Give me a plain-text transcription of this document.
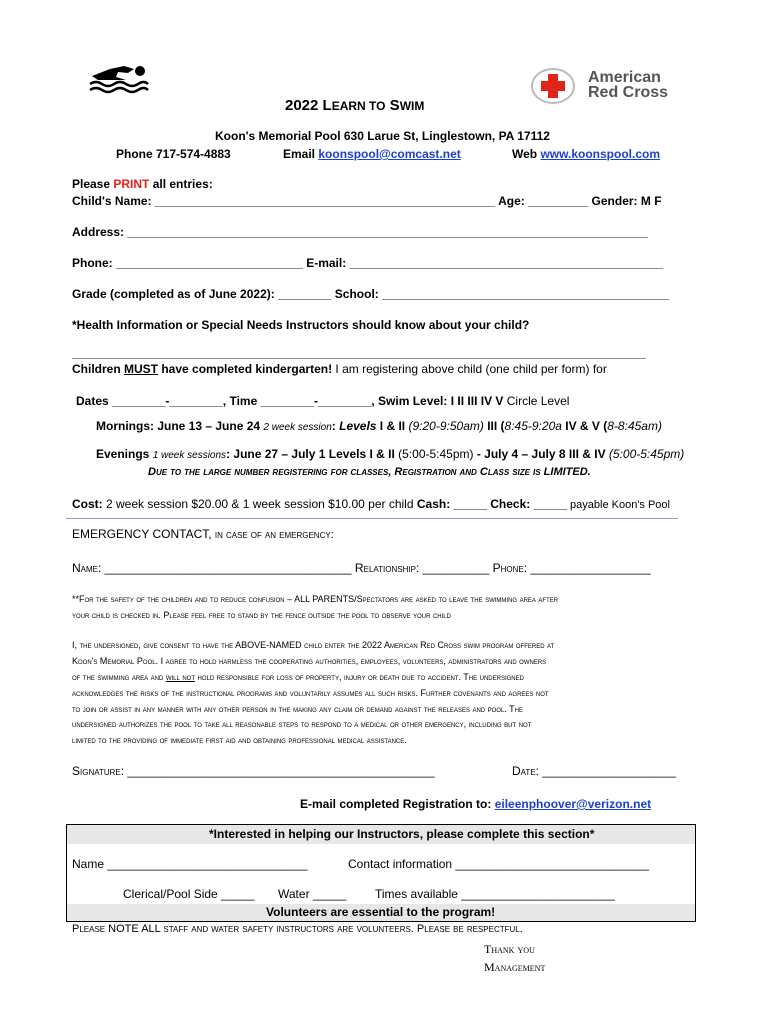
American
Red Cross
2022 LEARN TO SWIM
Koon's Memorial Pool 630 Larue St, Linglestown, PA 17112
Phone 717-574-4883	Email koonspool@comcast.net	Web www.koonspool.com
Please PRINT all entries:
Child's Name: ___________________________________________________ Age: _________ Gender: M F
Address: ______________________________________________________________________________
Phone: ____________________________ E-mail: _______________________________________________
Grade (completed as of June 2022): ________ School: ___________________________________________
*Health Information or Special Needs Instructors should know about your child?
______________________________________________________________________________________
Children MUST have completed kindergarten! I am registering above child (one child per form) for
Dates ________-________, Time ________-________, Swim Level: I II III IV V Circle Level
Mornings: June 13 – June 24 2 week session: Levels I & II (9:20-9:50am) III (8:45-9:20a IV & V (8-8:45am)
Evenings 1 week sessions: June 27 – July 1 Levels I & II (5:00-5:45pm) - July 4 – July 8 III & IV (5:00-5:45pm)
Due to the large number registering for classes, Registration and Class size is LIMITED.
Cost: 2 week session $20.00 & 1 week session $10.00 per child Cash: _____ Check: _____ payable Koon's Pool
EMERGENCY CONTACT, in case of an emergency:
Name: _____________________________________ Relationship: __________ Phone: __________________
**For the safety of the children and to reduce confusion – ALL PARENTS/Spectators are asked to leave the swimming area after
your child is checked in. Please feel free to stand by the fence outside the pool to observe your child
I, the undersigned, give consent to have the ABOVE-NAMED child enter the 2022 American Red Cross swim program offered at
Koon's Memorial Pool. I agree to hold harmless the cooperating authorities, employees, volunteers, administrators and owners
of the swimming area and will not hold responsible for loss of property, injury or death due to accident. The undersigned
acknowledges the risks of the instructional programs and voluntarily assumes all such risks. Further covenants and agrees not
to join or assist in any manner with any other person in the making any claim or demand against the releases and pool. The
undersigned authorizes the pool to take all reasonable steps to respond to a medical or other emergency, including but not
limited to the providing of immediate first aid and obtaining professional medical assistance.
Signature: ______________________________________________	Date: ____________________
E-mail completed Registration to: eileenphoover@verizon.net
*Interested in helping our Instructors, please complete this section*
Name ______________________________	Contact information _____________________________
Clerical/Pool Side _____ Water _____ Times available _______________________
Volunteers are essential to the program!
Please NOTE ALL staff and water safety instructors are volunteers. Please be respectful.
Thank you
Management
